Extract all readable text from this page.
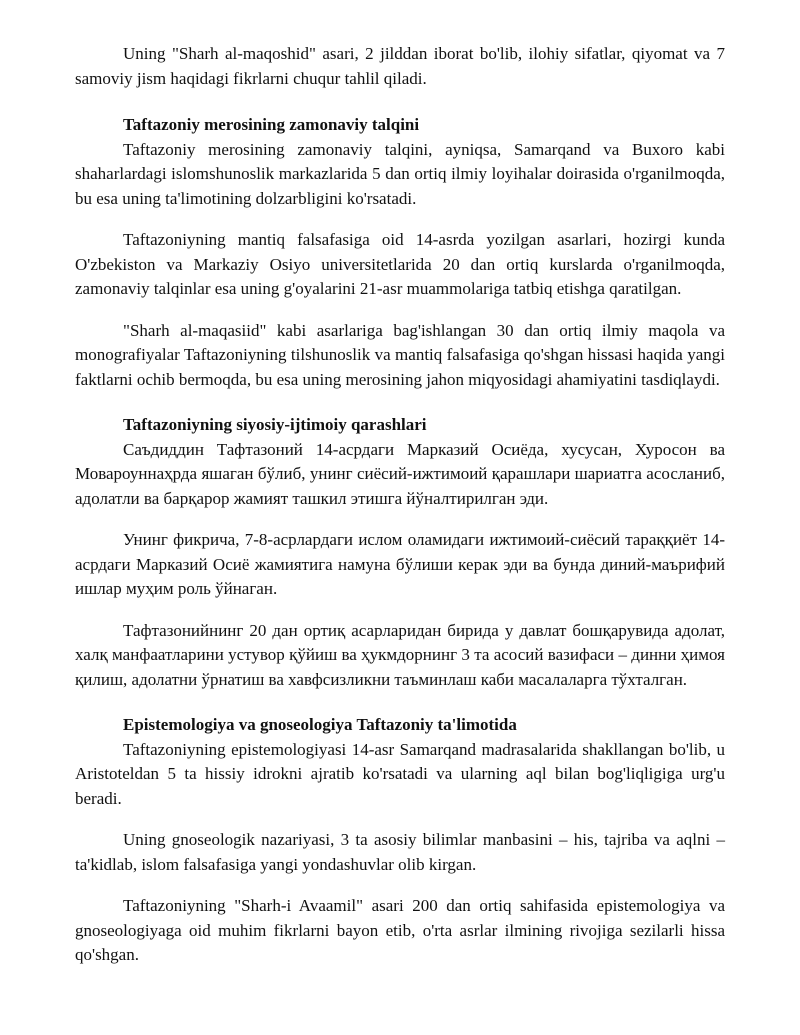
Uning "Sharh al-maqoshid" asari, 2 jilddan iborat bo'lib, ilohiy sifatlar, qiyomat va 7 samoviy jism haqidagi fikrlarni chuqur tahlil qiladi.

Taftazoniy merosining zamonaviy talqini

Taftazoniy merosining zamonaviy talqini, ayniqsa, Samarqand va Buxoro kabi shaharlardagi islomshunoslik markazlarida 5 dan ortiq ilmiy loyihalar doirasida o'rganilmoqda, bu esa uning ta'limotining dolzarbligini ko'rsatadi.

Taftazoniyning mantiq falsafasiga oid 14-asrda yozilgan asarlari, hozirgi kunda O'zbekiston va Markaziy Osiyo universitetlarida 20 dan ortiq kurslarda o'rganilmoqda, zamonaviy talqinlar esa uning g'oyalarini 21-asr muammolariga tatbiq etishga qaratilgan.

"Sharh al-maqasiid" kabi asarlariga bag'ishlangan 30 dan ortiq ilmiy maqola va monografiyalar Taftazoniyning tilshunoslik va mantiq falsafasiga qo'shgan hissasi haqida yangi faktlarni ochib bermoqda, bu esa uning merosining jahon miqyosidagi ahamiyatini tasdiqlaydi.

Taftazoniyning siyosiy-ijtimoiy qarashlari

Саъдиддин Тафтазоний 14-асрдаги Марказий Осиёда, хусусан, Хуросон ва Мовароуннаҳрда яшаган бўлиб, унинг сиёсий-ижтимоий қарашлари шариатга асосланиб, адолатли ва барқарор жамият ташкил этишга йўналтирилган эди.

Унинг фикрича, 7-8-асрлардаги ислом оламидаги ижтимоий-сиёсий тараққиёт 14-асрдаги Марказий Осиё жамиятига намуна бўлиши керак эди ва бунда диний-маърифий ишлар муҳим роль ўйнаган.

Тафтазонийнинг 20 дан ортиқ асарларидан бирида у давлат бошқарувида адолат, халқ манфаатларини устувор қўйиш ва ҳукмдорнинг 3 та асосий вазифаси – динни ҳимоя қилиш, адолатни ўрнатиш ва хавфсизликни таъминлаш каби масалаларга тўхталган.

Epistemologiya va gnoseologiya Taftazoniy ta'limotida

Taftazoniyning epistemologiyasi 14-asr Samarqand madrasalarida shakllangan bo'lib, u Aristoteldan 5 ta hissiy idrokni ajratib ko'rsatadi va ularning aql bilan bog'liqligiga urg'u beradi.

Uning gnoseologik nazariyasi, 3 ta asosiy bilimlar manbasini – his, tajriba va aqlni – ta'kidlab, islom falsafasiga yangi yondashuvlar olib kirgan.

Taftazoniyning "Sharh-i Avaamil" asari 200 dan ortiq sahifasida epistemologiya va gnoseologiyaga oid muhim fikrlarni bayon etib, o'rta asrlar ilmining rivojiga sezilarli hissa qo'shgan.
